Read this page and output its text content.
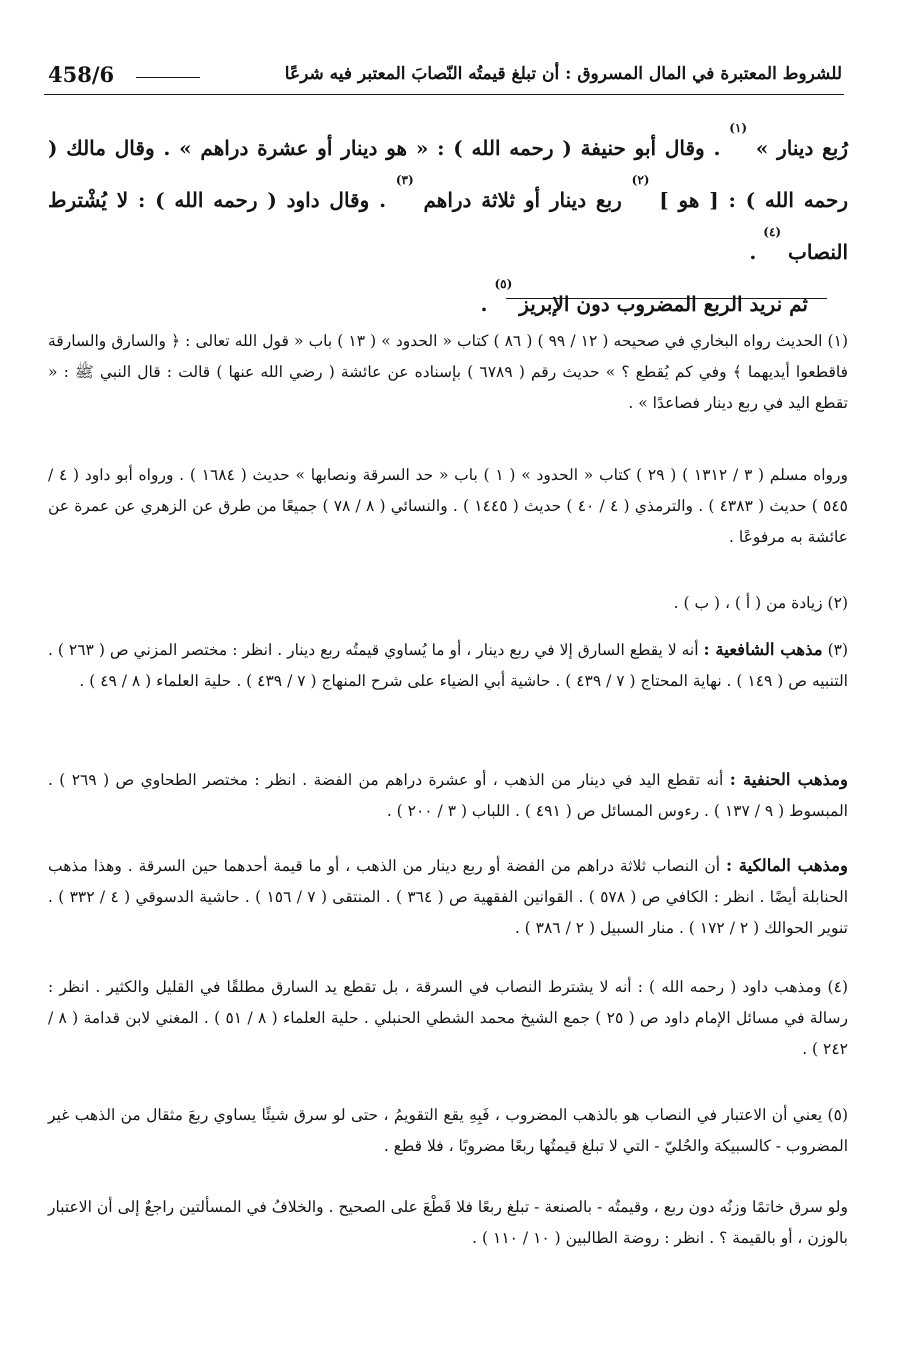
458/6	للشروط المعتبرة في المال المسروق : أن تبلغ قيمتُه النّصابَ المعتبر فيه شرعًا

رُبع دينار » $^{(١)}$ . وقال أبو حنيفة ( رحمه الله ) : « هو دينار أو عشرة دراهم » . وقال مالك ( رحمه الله ) : [ هو ] $^{(٢)}$ ربع دينار أو ثلاثة دراهم $^{(٣)}$ . وقال داود ( رحمه الله ) : لا يُشْترط النصاب $^{(٤)}$ .

ثم نريد الربع المضروب دون الإبريز $^{(٥)}$ .

(١) الحديث رواه البخاري في صحيحه ( ١٢ / ٩٩ ) ( ٨٦ ) كتاب « الحدود » ( ١٣ ) باب « قول الله تعالى : ﴿ والسارق والسارقة فاقطعوا أيديهما ﴾ وفي كم يُقطع ؟ » حديث رقم ( ٦٧٨٩ ) بإسناده عن عائشة ( رضي الله عنها ) قالت : قال النبي ﷺ : « تقطع اليد في ربع دينار فصاعدًا » .

ورواه مسلم ( ٣ / ١٣١٢ ) ( ٢٩ ) كتاب « الحدود » ( ١ ) باب « حد السرقة ونصابها » حديث ( ١٦٨٤ ) . ورواه أبو داود ( ٤ / ٥٤٥ ) حديث ( ٤٣٨٣ ) . والترمذي ( ٤ / ٤٠ ) حديث ( ١٤٤٥ ) . والنسائي ( ٨ / ٧٨ ) جميعًا من طرق عن الزهري عن عمرة عن عائشة به مرفوعًا .

(٢) زيادة من ( أ ) ، ( ب ) .

(٣) مذهب الشافعية : أنه لا يقطع السارق إلا في ربع دينار ، أو ما يُساوي قيمتُه ربع دينار . انظر : مختصر المزني ص ( ٢٦٣ ) . التنبيه ص ( ١٤٩ ) . نهاية المحتاج ( ٧ / ٤٣٩ ) . حاشية أبي الضياء على شرح المنهاج ( ٧ / ٤٣٩ ) . حلية العلماء ( ٨ / ٤٩ ) .

ومذهب الحنفية : أنه تقطع اليد في دينار من الذهب ، أو عشرة دراهم من الفضة . انظر : مختصر الطحاوي ص ( ٢٦٩ ) . المبسوط ( ٩ / ١٣٧ ) . رءوس المسائل ص ( ٤٩١ ) . اللباب ( ٣ / ٢٠٠ ) .

ومذهب المالكية : أن النصاب ثلاثة دراهم من الفضة أو ربع دينار من الذهب ، أو ما قيمة أحدهما حين السرقة . وهذا مذهب الحنابلة أيضًا . انظر : الكافي ص ( ٥٧٨ ) . القوانين الفقهية ص ( ٣٦٤ ) . المنتقى ( ٧ / ١٥٦ ) . حاشية الدسوقي ( ٤ / ٣٣٢ ) . تنوير الحوالك ( ٢ / ١٧٢ ) . منار السبيل ( ٢ / ٣٨٦ ) .

(٤) ومذهب داود ( رحمه الله ) : أنه لا يشترط النصاب في السرقة ، بل تقطع يد السارق مطلقًا في القليل والكثير . انظر : رسالة في مسائل الإمام داود ص ( ٢٥ ) جمع الشيخ محمد الشطي الحنبلي . حلية العلماء ( ٨ / ٥١ ) . المغني لابن قدامة ( ٨ / ٢٤٢ ) .

(٥) يعني أن الاعتبار في النصاب هو بالذهب المضروب ، فَبِهِ يقع التقويمُ ، حتى لو سرق شيئًا يساوي ربعَ مثقال من الذهب غير المضروب - كالسبيكة والحُليّ - التي لا تبلغ قيمتُها ربعًا مضروبًا ، فلا قطع .

ولو سرق خاتمًا وزنُه دون ربع ، وقيمتُه - بالصنعة - تبلغ ربعًا فلا قَطْعَ على الصحيح . والخلافُ في المسألتين راجعٌ إلى أن الاعتبار بالوزن ، أو بالقيمة ؟ . انظر : روضة الطالبين ( ١٠ / ١١٠ ) .
